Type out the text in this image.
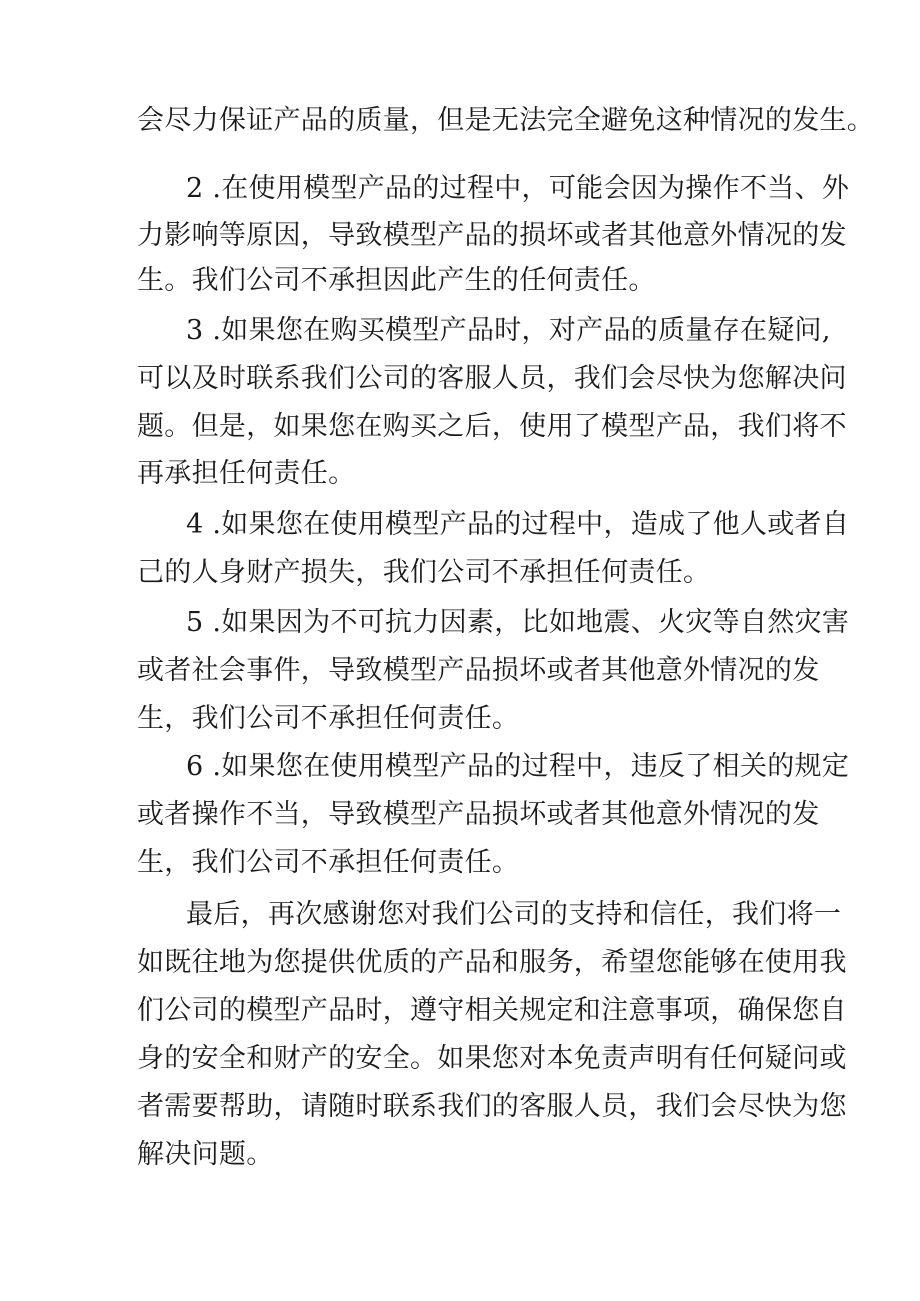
会尽力保证产品的质量，但是无法完全避免这种情况的发生。

2 .在使用模型产品的过程中，可能会因为操作不当、外

力影响等原因，导致模型产品的损坏或者其他意外情况的发

生。我们公司不承担因此产生的任何责任。

3 .如果您在购买模型产品时，对产品的质量存在疑问,

可以及时联系我们公司的客服人员，我们会尽快为您解决问

题。但是，如果您在购买之后，使用了模型产品，我们将不

再承担任何责任。

4 .如果您在使用模型产品的过程中，造成了他人或者自

己的人身财产损失，我们公司不承担任何责任。

5 .如果因为不可抗力因素，比如地震、火灾等自然灾害

或者社会事件，导致模型产品损坏或者其他意外情况的发

生，我们公司不承担任何责任。

6 .如果您在使用模型产品的过程中，违反了相关的规定

或者操作不当，导致模型产品损坏或者其他意外情况的发

生，我们公司不承担任何责任。

最后，再次感谢您对我们公司的支持和信任，我们将一

如既往地为您提供优质的产品和服务，希望您能够在使用我

们公司的模型产品时，遵守相关规定和注意事项，确保您自

身的安全和财产的安全。如果您对本免责声明有任何疑问或

者需要帮助，请随时联系我们的客服人员，我们会尽快为您

解决问题。
